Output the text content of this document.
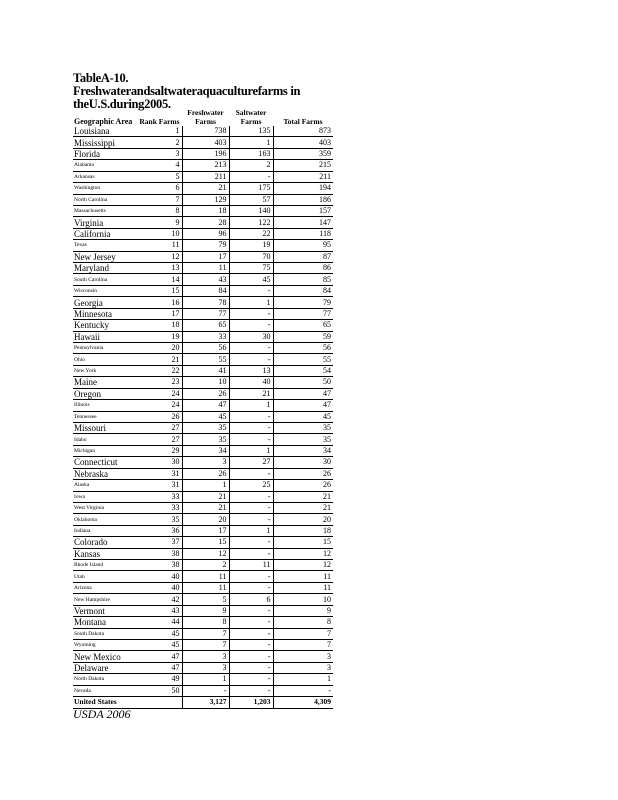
TableA-10. Freshwaterandsaltwateraquaculturefarms in theU.S.during2005.
Geographic Area	Rank Farms	Freshwater Farms	Saltwater Farms	Total Farms
Louisiana	1	738	135	873
Mississippi	2	403	1	403
Florida	3	196	163	359
Alabama	4	213	2	215
Arkansas	5	211	-	211
Washington	6	21	175	194
North Carolina	7	129	57	186
Massachusetts	8	18	140	157
Virginia	9	28	122	147
California	10	96	22	118
Texas	11	79	19	95
New Jersey	12	17	70	87
Maryland	13	11	75	86
South Carolina	14	43	45	85
Wisconsin	15	84	-	84
Georgia	16	78	1	79
Minnesota	17	77	-	77
Kentucky	18	65	-	65
Hawaii	19	33	30	59
Pennsylvania	20	56	-	56
Ohio	21	55	-	55
New York	22	41	13	54
Maine	23	10	40	50
Oregon	24	26	21	47
Illinois	24	47	1	47
Tennessee	26	45	-	45
Missouri	27	35	-	35
Idaho	27	35	-	35
Michigan	29	34	1	34
Connecticut	30	3	27	30
Nebraska	31	26	-	26
Alaska	31	1	25	26
Iowa	33	21	-	21
West Virginia	33	21	-	21
Oklahoma	35	20	-	20
Indiana	36	17	1	18
Colorado	37	15	-	15
Kansas	38	12	-	12
Rhode Island	38	2	11	12
Utah	40	11	-	11
Arizona	40	11	-	11
New Hampshire	42	5	6	10
Vermont	43	9	-	9
Montana	44	8	-	8
South Dakota	45	7	-	7
Wyoming	45	7	-	7
New Mexico	47	3	-	3
Delaware	47	3	-	3
North Dakota	49	1	-	1
Nevada	50	-	-	-
United States		3,127	1,203	4,309
USDA 2006
